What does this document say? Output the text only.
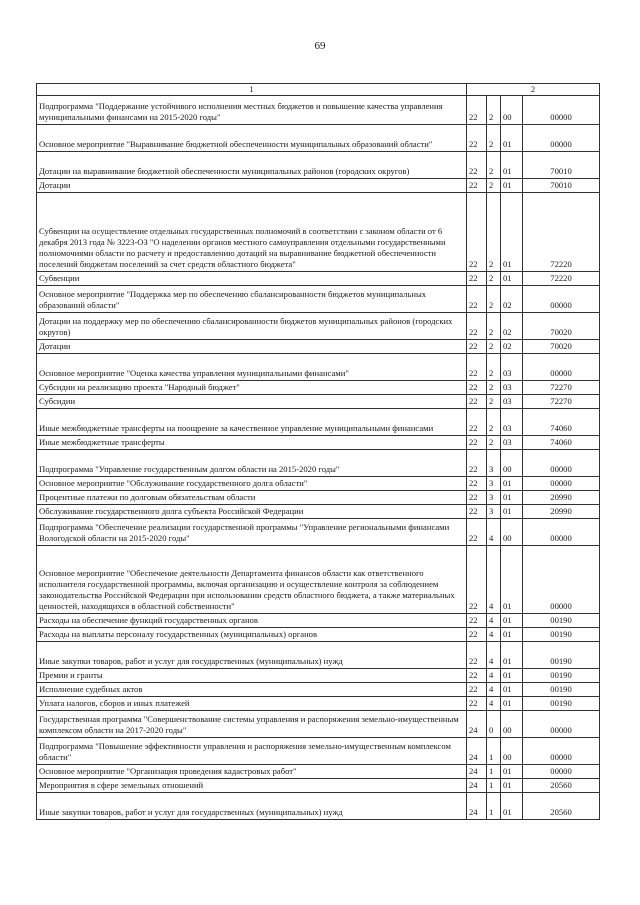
69
1	2			
Подпрограмма "Поддержание устойчивого исполнения местных бюджетов и повышение качества управления муниципальными финансами на 2015-2020 годы"	22	2	00	00000
Основное мероприятие "Выравнивание бюджетной обеспеченности муниципальных образований области"	22	2	01	00000
Дотации на выравнивание бюджетной обеспеченности муниципальных районов (городских округов)	22	2	01	70010
Дотации	22	2	01	70010
Субвенции на осуществление отдельных государственных полномочий в соответствии с законом области от 6 декабря 2013 года № 3223-ОЗ "О наделении органов местного самоуправления отдельными государственными полномочиями области по расчету и предоставлению дотаций на выравнивание бюджетной обеспеченности поселений бюджетам поселений за счет средств областного бюджета"	22	2	01	72220
Субвенции	22	2	01	72220
Основное мероприятие "Поддержка мер по обеспечению сбалансированности бюджетов муниципальных образований области"	22	2	02	00000
Дотации на поддержку мер по обеспечению сбалансированности бюджетов муниципальных районов (городских округов)	22	2	02	70020
Дотации	22	2	02	70020
Основное мероприятие "Оценка качества управления муниципальными финансами"	22	2	03	00000
Субсидии на реализацию проекта "Народный бюджет"	22	2	03	72270
Субсидии	22	2	03	72270
Иные межбюджетные трансферты на поощрение за качественное управление муниципальными финансами	22	2	03	74060
Иные межбюджетные трансферты	22	2	03	74060
Подпрограмма "Управление государственным долгом области на 2015-2020 годы"	22	3	00	00000
Основное мероприятие "Обслуживание государственного долга области"	22	3	01	00000
Процентные платежи по долговым обязательствам области	22	3	01	20990
Обслуживание государственного долга субъекта Российской Федерации	22	3	01	20990
Подпрограмма "Обеспечение реализации государственной программы "Управление региональными финансами Вологодской области на 2015-2020 годы"	22	4	00	00000
Основное мероприятие "Обеспечение деятельности Департамента финансов области как ответственного исполнителя государственной программы, включая организацию и осуществление контроля за соблюдением законодательства Российской Федерации при использовании средств областного бюджета, а также материальных ценностей, находящихся в областной собственности"	22	4	01	00000
Расходы на обеспечение функций государственных органов	22	4	01	00190
Расходы на выплаты персоналу государственных (муниципальных) органов	22	4	01	00190
Иные закупки товаров, работ и услуг для государственных (муниципальных) нужд	22	4	01	00190
Премии и гранты	22	4	01	00190
Исполнение судебных актов	22	4	01	00190
Уплата налогов, сборов и иных платежей	22	4	01	00190
Государственная программа "Совершенствование системы управления и распоряжения земельно-имущественным комплексом области на 2017-2020 годы"	24	0	00	00000
Подпрограмма "Повышение эффективности управления и распоряжения земельно-имущественным комплексом области"	24	1	00	00000
Основное мероприятие "Организация проведения кадастровых работ"	24	1	01	00000
Мероприятия в сфере земельных отношений	24	1	01	20560
Иные закупки товаров, работ и услуг для государственных (муниципальных) нужд	24	1	01	20560
